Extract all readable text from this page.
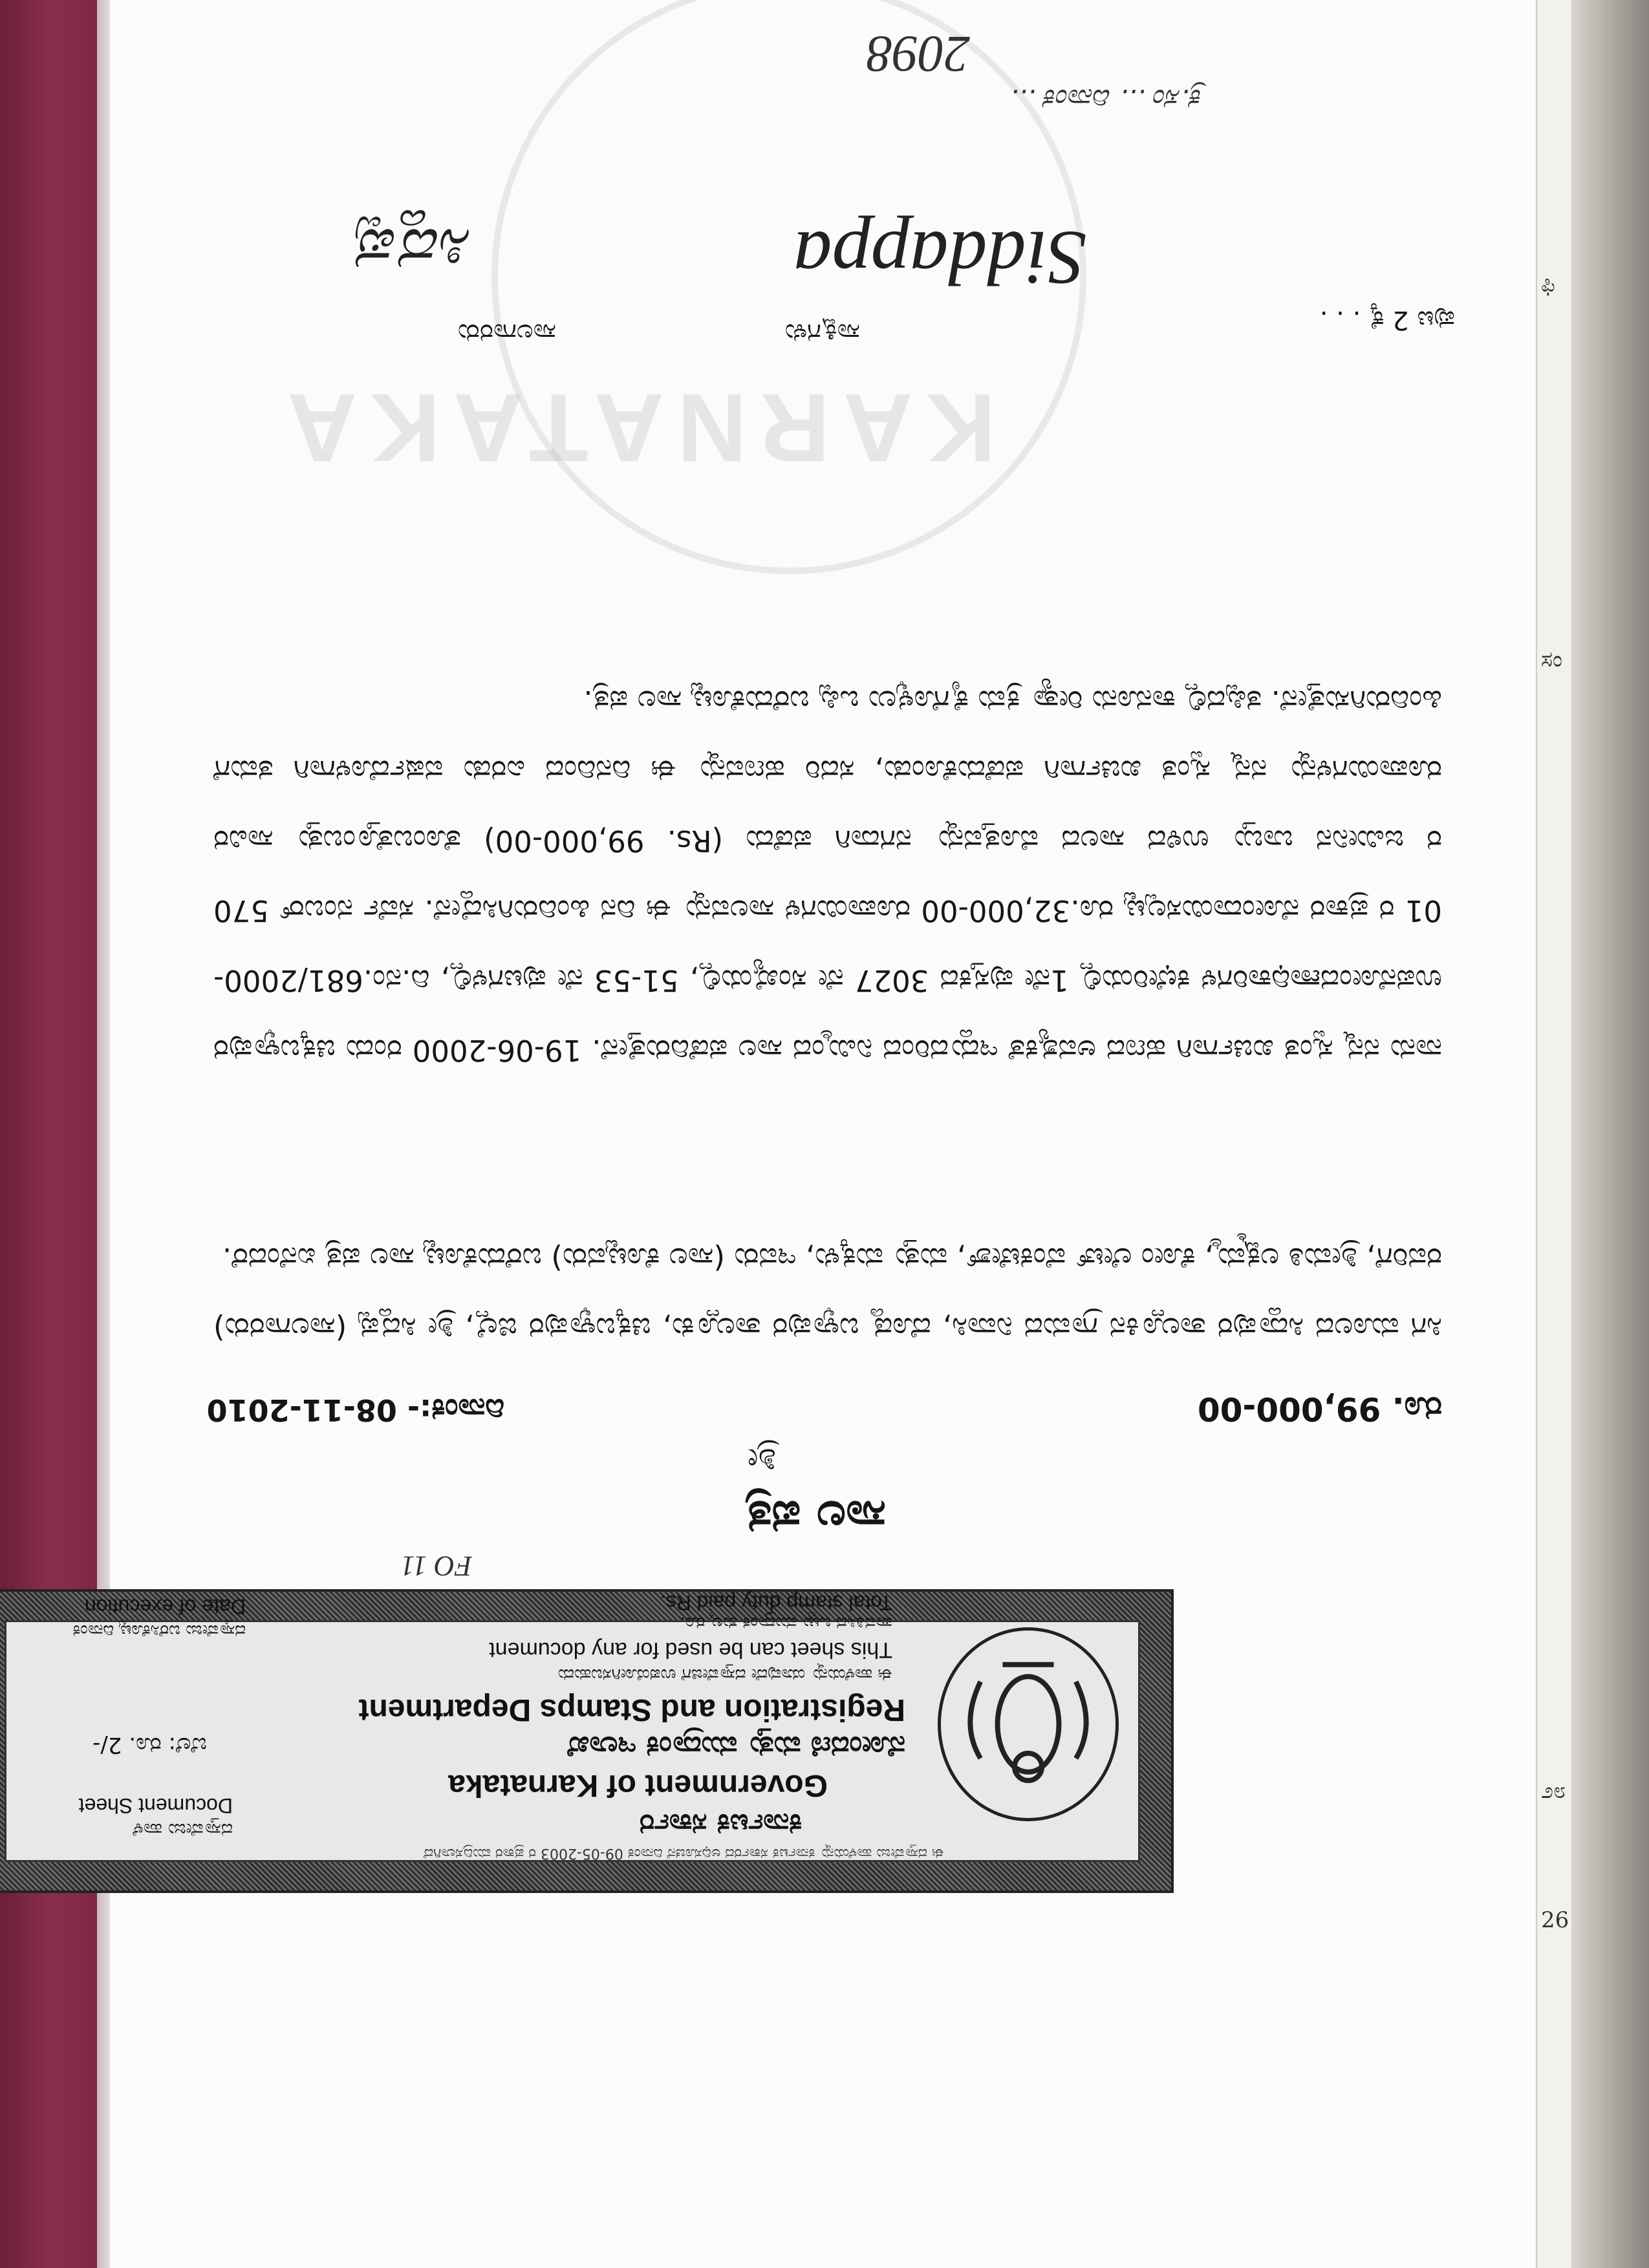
ಈ ದಸ್ತಾವೇಜು ಹಾಳೆಯನ್ನು ಕರ್ನಾಟಕ ಸರ್ಕಾರದ ಅಧಿಸೂಚನೆ ದಿನಾಂಕ 09-05-2003 ರ ಪ್ರಕಾರ ಮುದ್ರಿಸಲಾಗಿದೆ
ಕರ್ನಾಟಕ ಸರ್ಕಾರ
Government of Karnataka
ನೋಂದಣಿ ಮತ್ತು ಮುದ್ರಾಂಕ ಇಲಾಖೆ
Registration and Stamps Department
ಈ ಹಾಳೆಯನ್ನು ಯಾವುದೇ ದಸ್ತಾವೇಜಿಗೆ ಉಪಯೋಗಿಸಬಹುದು
This sheet can be used for any document
ಪಾವತಿಸಿದ ಒಟ್ಟು ಮುದ್ರಾಂಕ ಶುಲ್ಕ ರೂ.
Total stamp duty paid Rs.
ದಸ್ತಾವೇಜು ಹಾಳೆ
Document Sheet
ಬೆಲೆ: ರೂ. 2/-
ದಸ್ತಾವೇಜು ಬರೆಸಿಕೊಟ್ಟ ದಿನಾಂಕ
Date of execution
FO 11
ಶ್ರೀ
ಸಾಲ ಪತ್ರ
ರೂ. 99,000-00
ದಿನಾಂಕ:- 08-11-2010
ಸಿಗ ಮೂಲದ ಸಿದ್ದಾಪುರ ತಾಲ್ಲೂಕಿನ ಗ್ರಾಮದ ನಿವಾಸಿ, ದೊಡ್ಡ ಬಳ್ಳಾಪುರ ತಾಲ್ಲೂಕು, ಚಿಕ್ಕಬಳ್ಳಾಪುರ ಜಿಲ್ಲೆ, ಶ್ರೀ ಸಿದ್ದಪ್ಪ (ಸಾಲಗಾರರು) ರವರಿಗೆ, ಶ್ರೀಮತಿ ಲಕ್ಷ್ಮಮ್ಮ, ಕೋಂ ಲೇಟ್ ವೆಂಕಟೇಶ್, ಮತ್ತು ಮಕ್ಕಳು, ಇವರು (ಸಾಲ ಕೊಟ್ಟವರು) ಬರೆದುಕೊಟ್ಟ ಸಾಲ ಪತ್ರ ಏನೆಂದರೆ.
ನಾನು ನನ್ನ ಸ್ವಂತ ಖರ್ಚಿಗಾಗಿ ಹಣದ ಅವಶ್ಯಕತೆ ಇದ್ದುದರಿಂದ ನಿಮ್ಮಿಂದ ಸಾಲ ಪಡೆದಿರುತ್ತೇನೆ. 19-06-2000 ರಂದು ಚಿಕ್ಕಬಳ್ಳಾಪುರ ಉಪನೋಂದಣಾಧಿಕಾರಿಗಳ ಕಛೇರಿಯಲ್ಲಿ 1ನೇ ಪುಸ್ತಕದ 3027 ನೇ ಸಂಖ್ಯೆಯಲ್ಲಿ, 51-53 ನೇ ಪುಟಗಳಲ್ಲಿ, ದಿ.ನಂ.681/2000-01 ರ ಪ್ರಕಾರ ನೋಂದಾಯಿಸಲ್ಪಟ್ಟ ರೂ.32,000-00 ರೂಪಾಯಿಗಳ ಸಾಲವನ್ನು ಈ ದಿನ ಹಿಂದಿರುಗಿಸಿದ್ದೇನೆ. ಸರ್ವೆ ನಂಬರ್ 570 ರ ಜಮೀನಿನ ಬಾಬ್ತು ಉಳಿದ ಸಾಲದ ಮೊತ್ತವನ್ನು ನಗದಾಗಿ ಪಡೆದು (Rs. 99,000-00) ತೊಂಬತ್ತೊಂಬತ್ತು ಸಾವಿರ ರೂಪಾಯಿಗಳನ್ನು ನನ್ನ ಸ್ವಂತ ಖರ್ಚಿಗಾಗಿ ಪಡೆದುಕೊಂಡು, ಸದರಿ ಹಣವನ್ನು ಈ ದಿನದಿಂದ ಎರಡು ವರ್ಷದೊಳಗಾಗಿ ತಮಗೆ ಹಿಂದಿರುಗಿಸುತ್ತೇನೆ. ತಪ್ಪಿದಲ್ಲಿ ಕಾನೂನು ರೀತ್ಯಾ ಕ್ರಮ ಕೈಗೊಳ್ಳಲು ಒಪ್ಪಿ ಬರೆದುಕೊಟ್ಟ ಸಾಲ ಪತ್ರ.
KARNATAKA
ಸಾಲಗಾರರು	ಸಾಕ್ಷಿಗಳು	ಪುಟ 2 ಕ್ಕೆ . . .
Siddappa
ಸಿದ್ದಪ್ಪ
ಕ್ರ.ಸಂ ... ದಿನಾಂಕ ...
2098
26
೨೮
ಸಂ
ಫಿ
